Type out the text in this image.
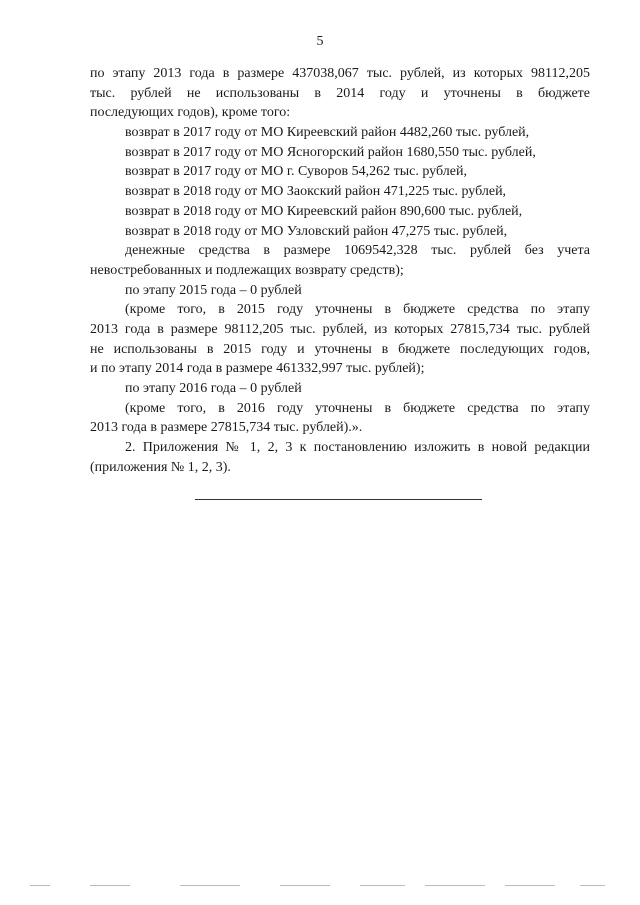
5
по этапу 2013 года в размере 437038,067 тыс. рублей, из которых 98112,205
тыс. рублей не использованы в 2014 году и уточнены в бюджете
последующих годов), кроме того:
возврат в 2017 году от МО Киреевский район 4482,260 тыс. рублей,
возврат в 2017 году от МО Ясногорский район 1680,550 тыс. рублей,
возврат в 2017 году от МО г. Суворов 54,262 тыс. рублей,
возврат в 2018 году от МО Заокский район 471,225 тыс. рублей,
возврат в 2018 году от МО Киреевский район 890,600 тыс. рублей,
возврат в 2018 году от МО Узловский район 47,275 тыс. рублей,
денежные средства в размере 1069542,328 тыс. рублей без учета
невостребованных и подлежащих возврату средств);
по этапу 2015 года – 0 рублей
(кроме того, в 2015 году уточнены в бюджете средства по этапу
2013 года в размере 98112,205 тыс. рублей, из которых 27815,734 тыс. рублей
не использованы в 2015 году и уточнены в бюджете последующих годов,
и по этапу 2014 года в размере 461332,997 тыс. рублей);
по этапу 2016 года – 0 рублей
(кроме того, в 2016 году уточнены в бюджете средства по этапу
2013 года в размере 27815,734 тыс. рублей).».
2. Приложения № 1, 2, 3 к постановлению изложить в новой редакции
(приложения № 1, 2, 3).
